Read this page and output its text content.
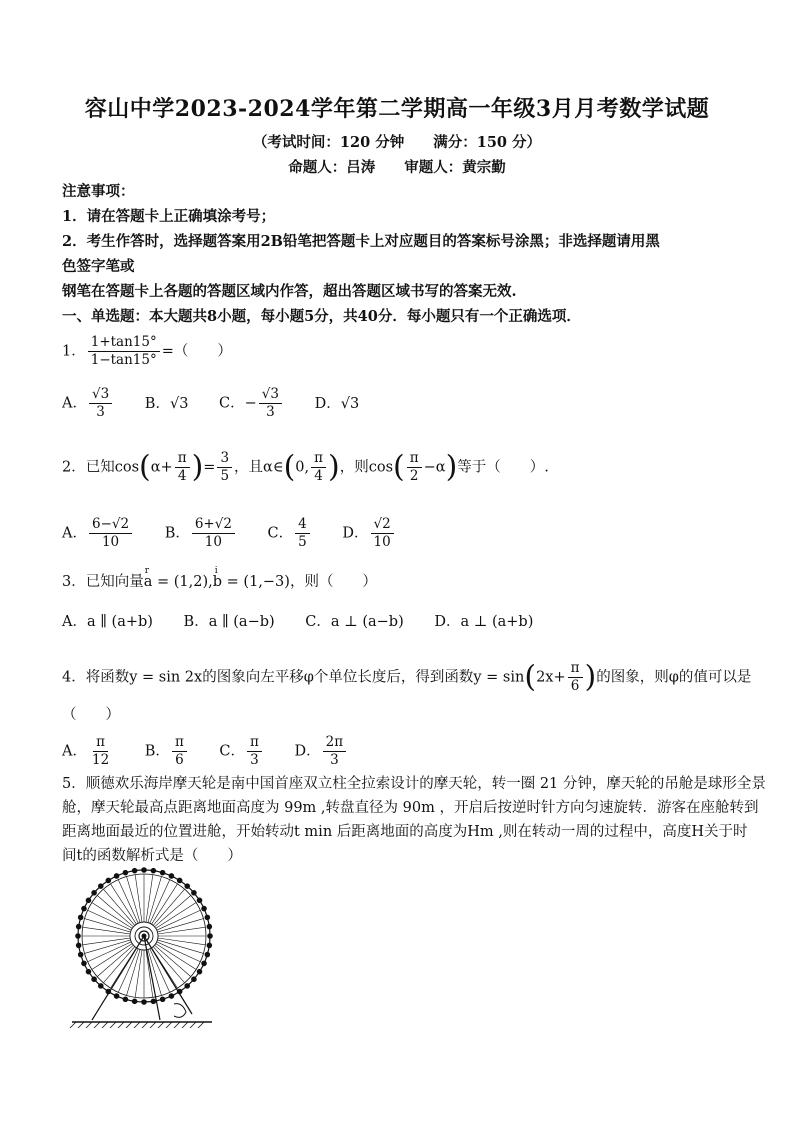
容山中学2023-2024学年第二学期高一年级3月月考数学试题
（考试时间：120 分钟　　满分：150 分）
命题人：吕涛　　审题人：黄宗勤
注意事项：
1．请在答题卡上正确填涂考号；
2．考生作答时，选择题答案用2B铅笔把答题卡上对应题目的答案标号涂黑；非选择题请用黑
色签字笔或
钢笔在答题卡上各题的答题区域内作答，超出答题区域书写的答案无效.
一、单选题：本大题共8小题，每小题5分，共40分．每小题只有一个正确选项．
1． $\frac{1+\tan 15^\circ}{1-\tan 15^\circ}$ =（　　）
A． $\frac{√3}{3}$ B．√3 C．− $\frac{√3}{3}$ D．√3
2．已知$\cos(\alpha+ \frac{\pi}{4}$ )= $\frac{3}{5}$ ，且α∈(0, $\frac{\pi}{4}$ )，则$\cos( \frac{\pi}{2} -\alpha)$等于（　　）.
A． $\frac{6-√2}{10}$ B． $\frac{6+√2}{10}$ C． $\frac{4}{5}$ D． $\frac{√2}{10}$
3．已知向量r a = (1,2),i b = (1,−3)，则（　　）
A．a ∥ (a+b) B．a ∥ (a−b) C．a ⊥ (a−b) D．a ⊥ (a+b)
4．将函数y = sin 2x的图象向左平移φ个单位长度后，得到函数$y = \sin(2x+ \frac{\pi}{6}$ )的图象，则φ的值可以是
（　　）
A． $\frac{\pi}{12}$ B． $\frac{\pi}{6}$ C． $\frac{\pi}{3}$ D． $\frac{2\pi}{3}$
5．顺德欢乐海岸摩天轮是南中国首座双立柱全拉索设计的摩天轮，转一圈 21 分钟，摩天轮的吊舱是球形全景
舱，摩天轮最高点距离地面高度为 99m ,转盘直径为 90m ，开启后按逆时针方向匀速旋转．游客在座舱转到
距离地面最近的位置进舱，开始转动t min 后距离地面的高度为Hm ,则在转动一周的过程中，高度H关于时
间t的函数解析式是（　　）
